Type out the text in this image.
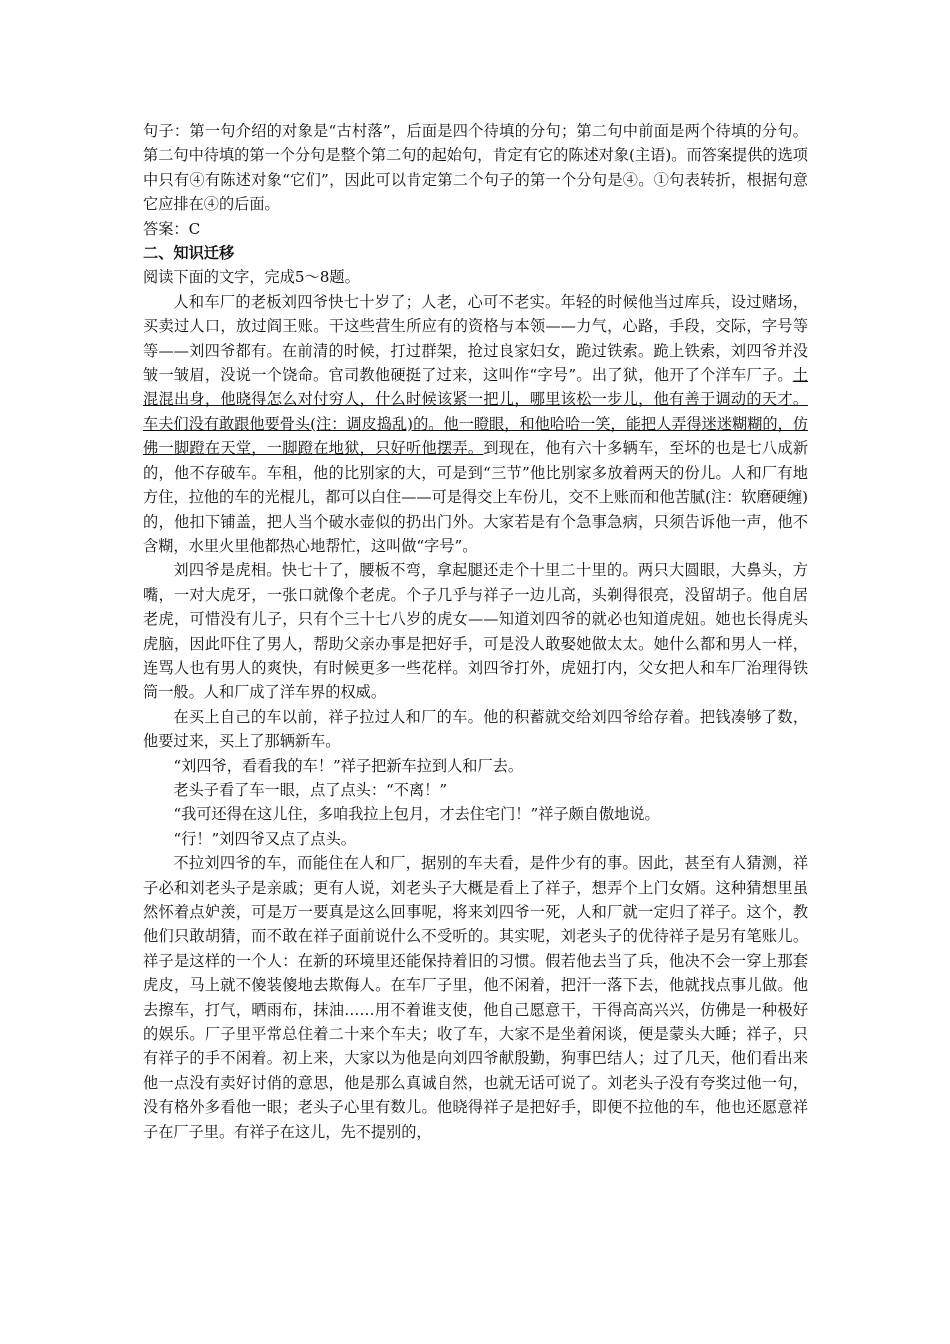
句子：第一句介绍的对象是“古村落”，后面是四个待填的分句；第二句中前面是两个待填的分句。第二句中待填的第一个分句是整个第二句的起始句，肯定有它的陈述对象(主语)。而答案提供的选项中只有④有陈述对象“它们”，因此可以肯定第二个句子的第一个分句是④。①句表转折，根据句意它应排在④的后面。

答案：C

二、知识迁移

阅读下面的文字，完成5～8题。

人和车厂的老板刘四爷快七十岁了；人老，心可不老实。年轻的时候他当过库兵，设过赌场，买卖过人口，放过阎王账。干这些营生所应有的资格与本领——力气，心路，手段，交际，字号等等——刘四爷都有。在前清的时候，打过群架，抢过良家妇女，跪过铁索。跪上铁索，刘四爷并没皱一皱眉，没说一个饶命。官司教他硬挺了过来，这叫作“字号”。出了狱，他开了个洋车厂子。土混混出身，他晓得怎么对付穷人，什么时候该紧一把儿，哪里该松一步儿，他有善于调动的天才。车夫们没有敢跟他要骨头(注：调皮捣乱)的。他一瞪眼，和他哈哈一笑，能把人弄得迷迷糊糊的，仿佛一脚蹬在天堂，一脚蹬在地狱，只好听他摆弄。到现在，他有六十多辆车，至坏的也是七八成新的，他不存破车。车租，他的比别家的大，可是到“三节”他比别家多放着两天的份儿。人和厂有地方住，拉他的车的光棍儿，都可以白住——可是得交上车份儿，交不上账而和他苦腻(注：软磨硬缠)的，他扣下铺盖，把人当个破水壶似的扔出门外。大家若是有个急事急病，只须告诉他一声，他不含糊，水里火里他都热心地帮忙，这叫做“字号”。

刘四爷是虎相。快七十了，腰板不弯，拿起腿还走个十里二十里的。两只大圆眼，大鼻头，方嘴，一对大虎牙，一张口就像个老虎。个子几乎与祥子一边儿高，头剃得很亮，没留胡子。他自居老虎，可惜没有儿子，只有个三十七八岁的虎女——知道刘四爷的就必也知道虎妞。她也长得虎头虎脑，因此吓住了男人，帮助父亲办事是把好手，可是没人敢娶她做太太。她什么都和男人一样，连骂人也有男人的爽快，有时候更多一些花样。刘四爷打外，虎妞打内，父女把人和车厂治理得铁筒一般。人和厂成了洋车界的权威。

在买上自己的车以前，祥子拉过人和厂的车。他的积蓄就交给刘四爷给存着。把钱凑够了数，他要过来，买上了那辆新车。

“刘四爷，看看我的车！”祥子把新车拉到人和厂去。

老头子看了车一眼，点了点头：“不离！”

“我可还得在这儿住，多咱我拉上包月，才去住宅门！”祥子颇自傲地说。

“行！”刘四爷又点了点头。

不拉刘四爷的车，而能住在人和厂，据别的车夫看，是件少有的事。因此，甚至有人猜测，祥子必和刘老头子是亲戚；更有人说，刘老头子大概是看上了祥子，想弄个上门女婿。这种猜想里虽然怀着点妒羡，可是万一要真是这么回事呢，将来刘四爷一死，人和厂就一定归了祥子。这个，教他们只敢胡猜，而不敢在祥子面前说什么不受听的。其实呢，刘老头子的优待祥子是另有笔账儿。祥子是这样的一个人：在新的环境里还能保持着旧的习惯。假若他去当了兵，他决不会一穿上那套虎皮，马上就不傻装傻地去欺侮人。在车厂子里，他不闲着，把汗一落下去，他就找点事儿做。他去擦车，打气，晒雨布，抹油……用不着谁支使，他自己愿意干，干得高高兴兴，仿佛是一种极好的娱乐。厂子里平常总住着二十来个车夫；收了车，大家不是坐着闲谈，便是蒙头大睡；祥子，只有祥子的手不闲着。初上来，大家以为他是向刘四爷献殷勤，狗事巴结人；过了几天，他们看出来他一点没有卖好讨俏的意思，他是那么真诚自然，也就无话可说了。刘老头子没有夸奖过他一句，没有格外多看他一眼；老头子心里有数儿。他晓得祥子是把好手，即便不拉他的车，他也还愿意祥子在厂子里。有祥子在这儿，先不提别的，
